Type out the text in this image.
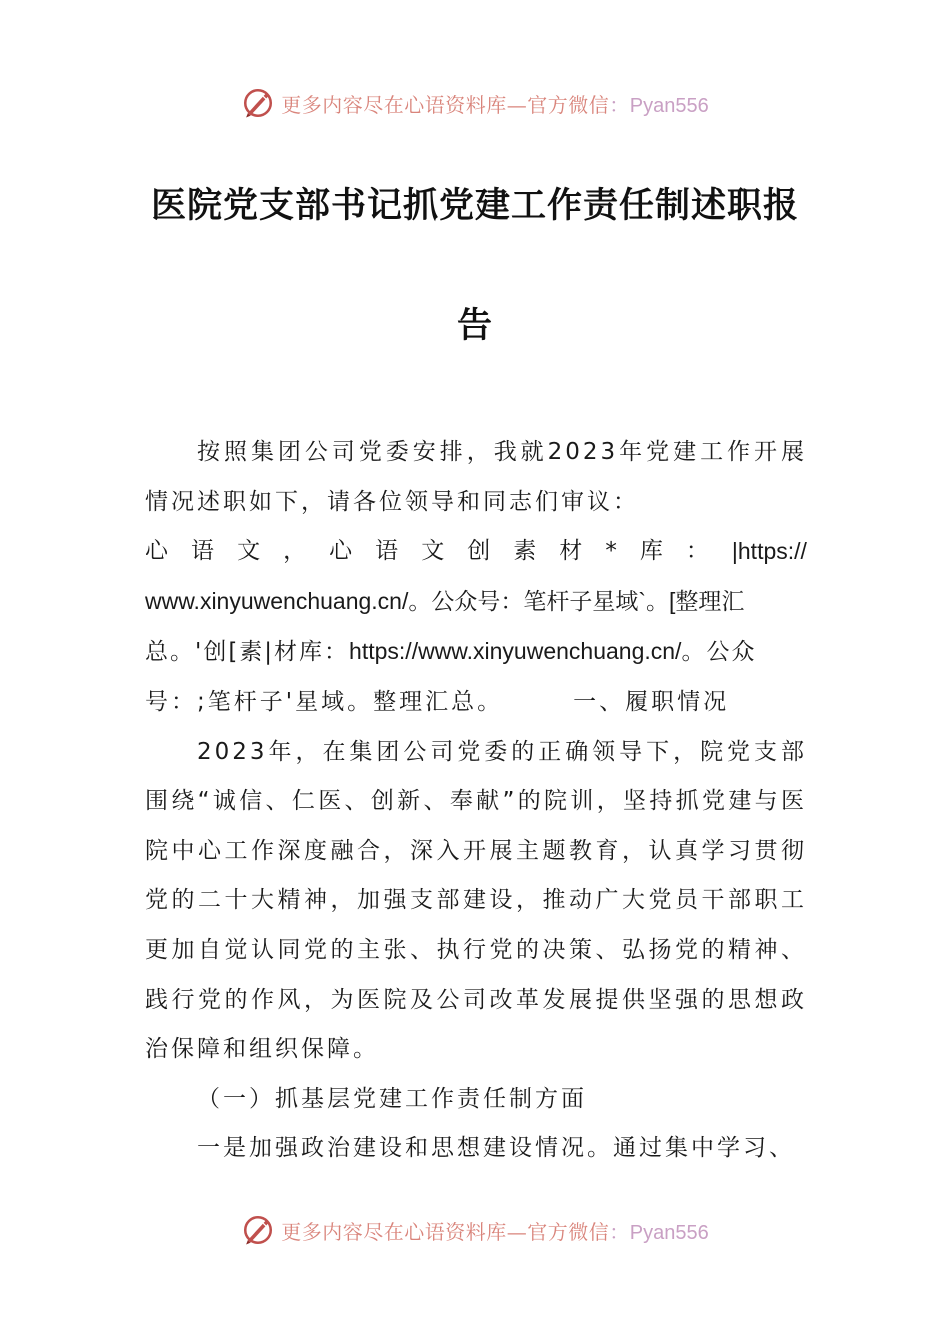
更多内容尽在心语资料库—官方微信：Pyan556
医院党支部书记抓党建工作责任制述职报
告

按照集团公司党委安排，我就2023年党建工作开展情况述职如下，请各位领导和同志们审议：

心 语 文 ， 心 语 文 创 素 材 * 库 ： |https://

www.xinyuwenchuang.cn/。公众号：笔杆子星域`。[整理汇

总。'创[素|材库：https://www.xinyuwenchuang.cn/。公众

号：;笔杆子'星域。整理汇总。	一、履职情况

2023年，在集团公司党委的正确领导下，院党支部围绕“诚信、仁医、创新、奉献”的院训，坚持抓党建与医院中心工作深度融合，深入开展主题教育，认真学习贯彻党的二十大精神，加强支部建设，推动广大党员干部职工更加自觉认同党的主张、执行党的决策、弘扬党的精神、践行党的作风，为医院及公司改革发展提供坚强的思想政治保障和组织保障。

（一）抓基层党建工作责任制方面

一是加强政治建设和思想建设情况。通过集中学习、

更多内容尽在心语资料库—官方微信：Pyan556
